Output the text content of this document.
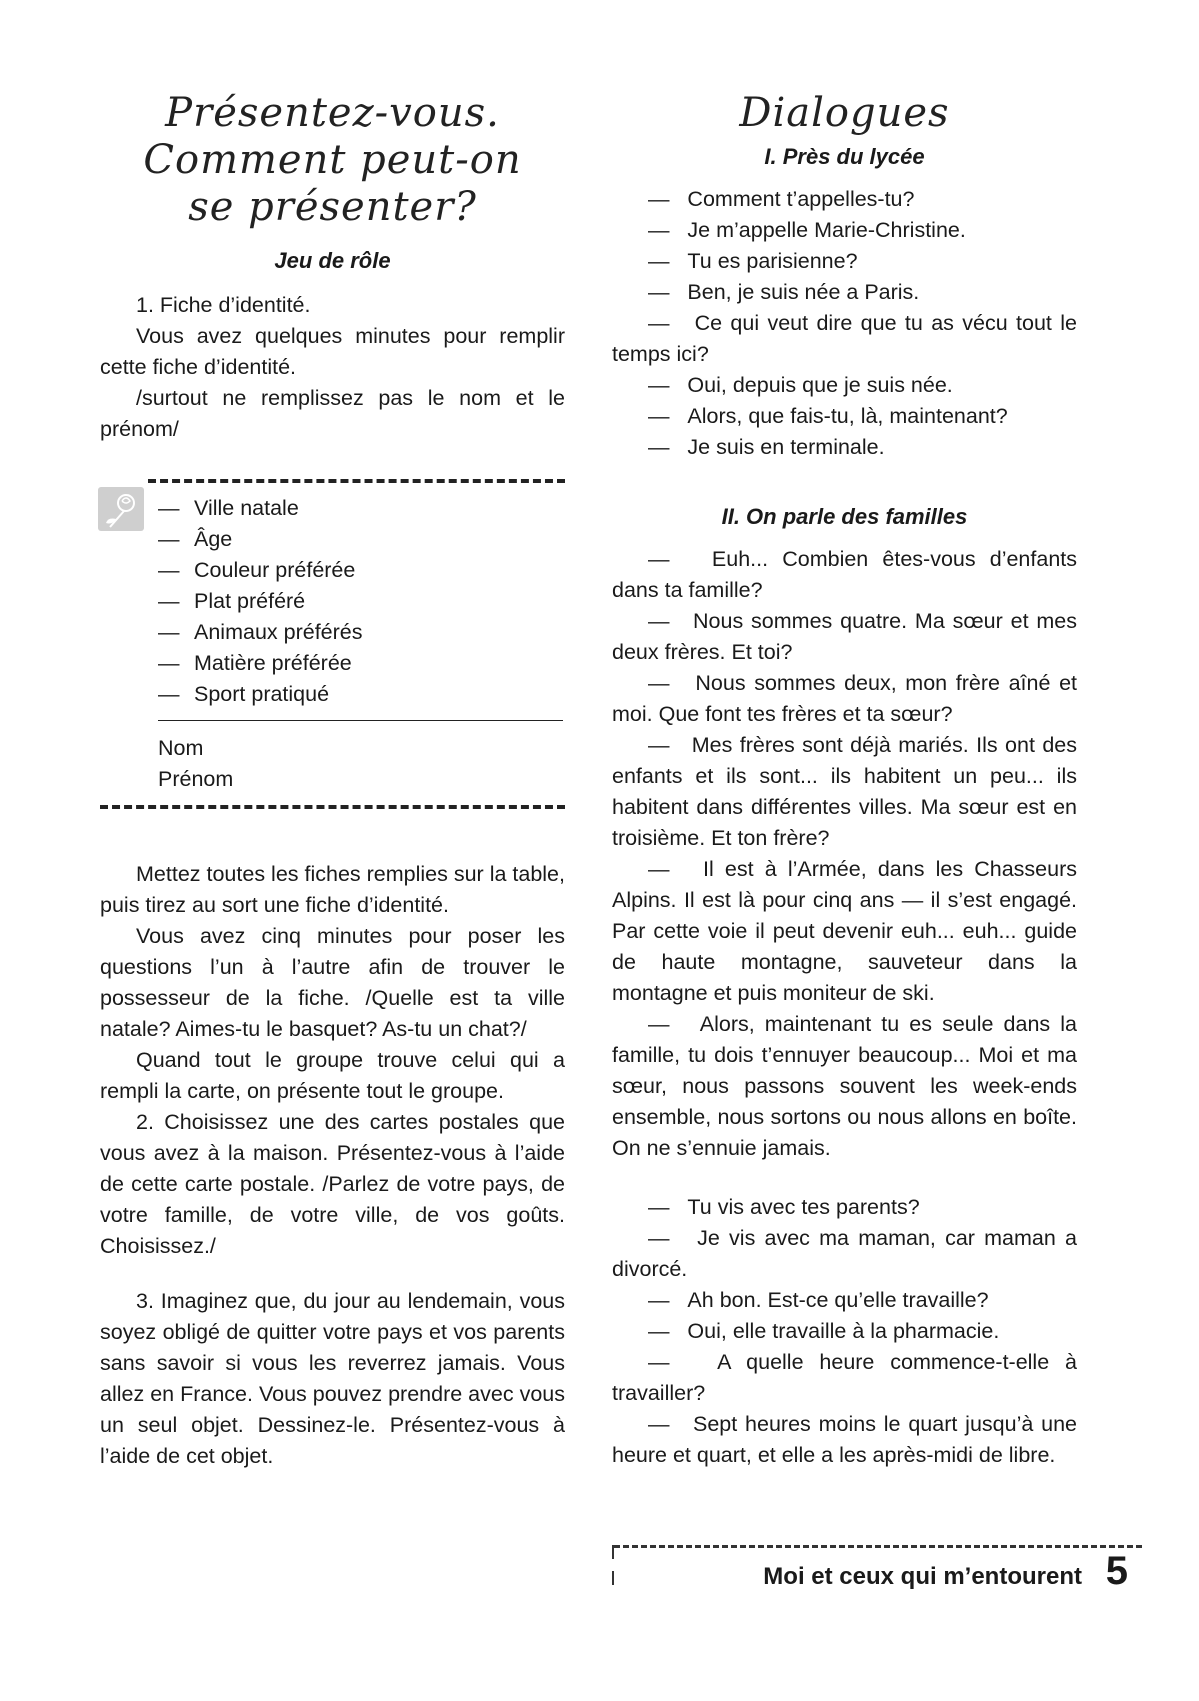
Présentez-vous.
Comment peut-on
se présenter?

Jeu de rôle

1. Fiche d’identité.

Vous avez quelques minutes pour remplir cette fiche d’identité.

/surtout ne remplissez pas le nom et le prénom/

— Ville natale
— Âge
— Couleur préférée
— Plat préféré
— Animaux préférés
— Matière préférée
— Sport pratiqué
Nom
Prénom

Mettez toutes les fiches remplies sur la table, puis tirez au sort une fiche d’identité.

Vous avez cinq minutes pour poser les questions l’un à l’autre afin de trouver le possesseur de la fiche. /Quelle est ta ville natale? Aimes-tu le basquet? As-tu un chat?/

Quand tout le groupe trouve celui qui a rempli la carte, on présente tout le groupe.

2. Choisissez une des cartes postales que vous avez à la maison. Présentez-vous à l’aide de cette carte postale. /Parlez de votre pays, de votre famille, de votre ville, de vos goûts. Choisissez./

3. Imaginez que, du jour au lendemain, vous soyez obligé de quitter votre pays et vos parents sans savoir si vous les reverrez jamais. Vous allez en France. Vous pouvez prendre avec vous un seul objet. Dessinez-le. Présentez-vous à l’aide de cet objet.

Dialogues

I. Près du lycée

— Comment t’appelles-tu?

— Je m’appelle Marie-Christine.

— Tu es parisienne?

— Ben, je suis née a Paris.

— Ce qui veut dire que tu as vécu tout le temps ici?

— Oui, depuis que je suis née.

— Alors, que fais-tu, là, maintenant?

— Je suis en terminale.

II. On parle des familles

— Euh... Combien êtes-vous d’enfants dans ta famille?

— Nous sommes quatre. Ma sœur et mes deux frères. Et toi?

— Nous sommes deux, mon frère aîné et moi. Que font tes frères et ta sœur?

— Mes frères sont déjà mariés. Ils ont des enfants et ils sont... ils habitent un peu... ils habitent dans différentes villes. Ma sœur est en troisième. Et ton frère?

— Il est à l’Armée, dans les Chasseurs Alpins. Il est là pour cinq ans — il s’est engagé. Par cette voie il peut devenir euh... euh... guide de haute montagne, sauveteur dans la montagne et puis moniteur de ski.

— Alors, maintenant tu es seule dans la famille, tu dois t’ennuyer beaucoup... Moi et ma sœur, nous passons souvent les week-ends ensemble, nous sortons ou nous allons en boîte. On ne s’ennuie jamais.

— Tu vis avec tes parents?

— Je vis avec ma maman, car maman a divorcé.

— Ah bon. Est-ce qu’elle travaille?

— Oui, elle travaille à la pharmacie.

— A quelle heure commence-t-elle à travailler?

— Sept heures moins le quart jusqu’à une heure et quart, et elle a les après-midi de libre.

Moi et ceux qui m’entourent 5
